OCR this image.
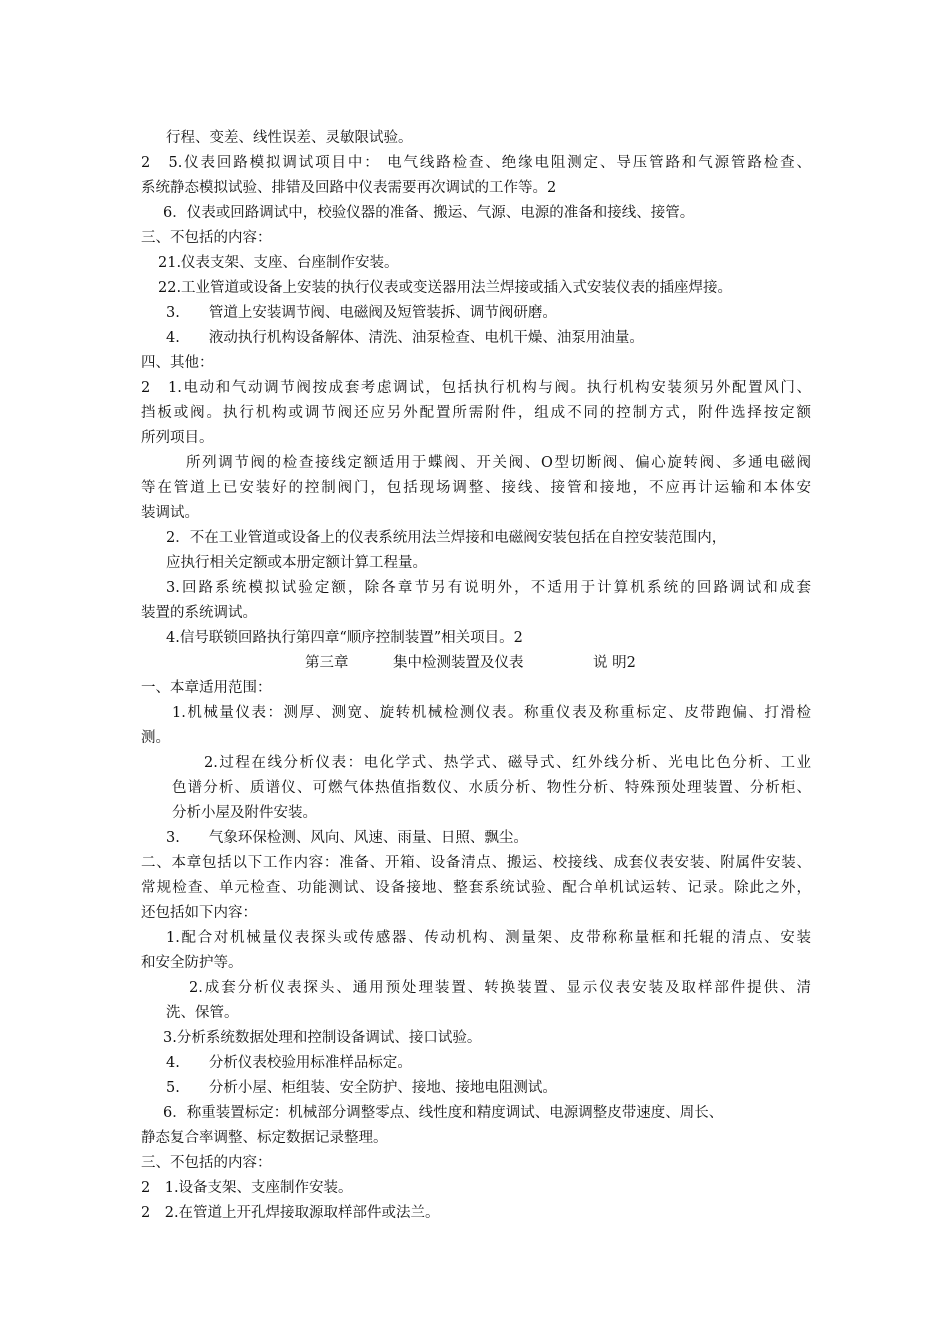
行程、变差、线性误差、灵敏限试验。

2　5.仪表回路模拟调试项目中： 电气线路检查、绝缘电阻测定、导压管路和气源管路检查、

系统静态模拟试验、排错及回路中仪表需要再次调试的工作等。2

6．仪表或回路调试中，校验仪器的准备、搬运、气源、电源的准备和接线、接管。

三、不包括的内容：

21.仪表支架、支座、台座制作安装。

22.工业管道或设备上安装的执行仪表或变送器用法兰焊接或插入式安装仪表的插座焊接。

3.　　管道上安装调节阀、电磁阀及短管装拆、调节阀研磨。

4.　　液动执行机构设备解体、清洗、油泵检查、电机干燥、油泵用油量。

四、其他：

2　1.电动和气动调节阀按成套考虑调试，包括执行机构与阀。执行机构安装须另外配置风门、

挡板或阀。执行机构或调节阀还应另外配置所需附件，组成不同的控制方式，附件选择按定额

所列项目。

所列调节阀的检查接线定额适用于蝶阀、开关阀、O型切断阀、偏心旋转阀、多通电磁阀

等在管道上已安装好的控制阀门，包括现场调整、接线、接管和接地，不应再计运输和本体安

装调试。

2．不在工业管道或设备上的仪表系统用法兰焊接和电磁阀安装包括在自控安装范围内，

应执行相关定额或本册定额计算工程量。

3.回路系统模拟试验定额，除各章节另有说明外，不适用于计算机系统的回路调试和成套

装置的系统调试。

4.信号联锁回路执行第四章“顺序控制装置”相关项目。2

第三章	集中检测装置及仪表	说 明2

一、本章适用范围：

1.机械量仪表：测厚、测宽、旋转机械检测仪表。称重仪表及称重标定、皮带跑偏、打滑检

测。

2.过程在线分析仪表：电化学式、热学式、磁导式、红外线分析、光电比色分析、工业

色谱分析、质谱仪、可燃气体热值指数仪、水质分析、物性分析、特殊预处理装置、分析柜、

分析小屋及附件安装。

3.　　气象环保检测、风向、风速、雨量、日照、飘尘。

二、本章包括以下工作内容：准备、开箱、设备清点、搬运、校接线、成套仪表安装、附属件安装、

常规检查、单元检查、功能测试、设备接地、整套系统试验、配合单机试运转、记录。除此之外，

还包括如下内容：

1.配合对机械量仪表探头或传感器、传动机构、测量架、皮带称称量框和托辊的清点、安装

和安全防护等。

2.成套分析仪表探头、通用预处理装置、转换装置、显示仪表安装及取样部件提供、清

洗、保管。

3.分析系统数据处理和控制设备调试、接口试验。

4.　　分析仪表校验用标准样品标定。

5.　　分析小屋、柜组装、安全防护、接地、接地电阻测试。

6．称重装置标定：机械部分调整零点、线性度和精度调试、电源调整皮带速度、周长、

静态复合率调整、标定数据记录整理。

三、不包括的内容：

2　1.设备支架、支座制作安装。

2　2.在管道上开孔焊接取源取样部件或法兰。
